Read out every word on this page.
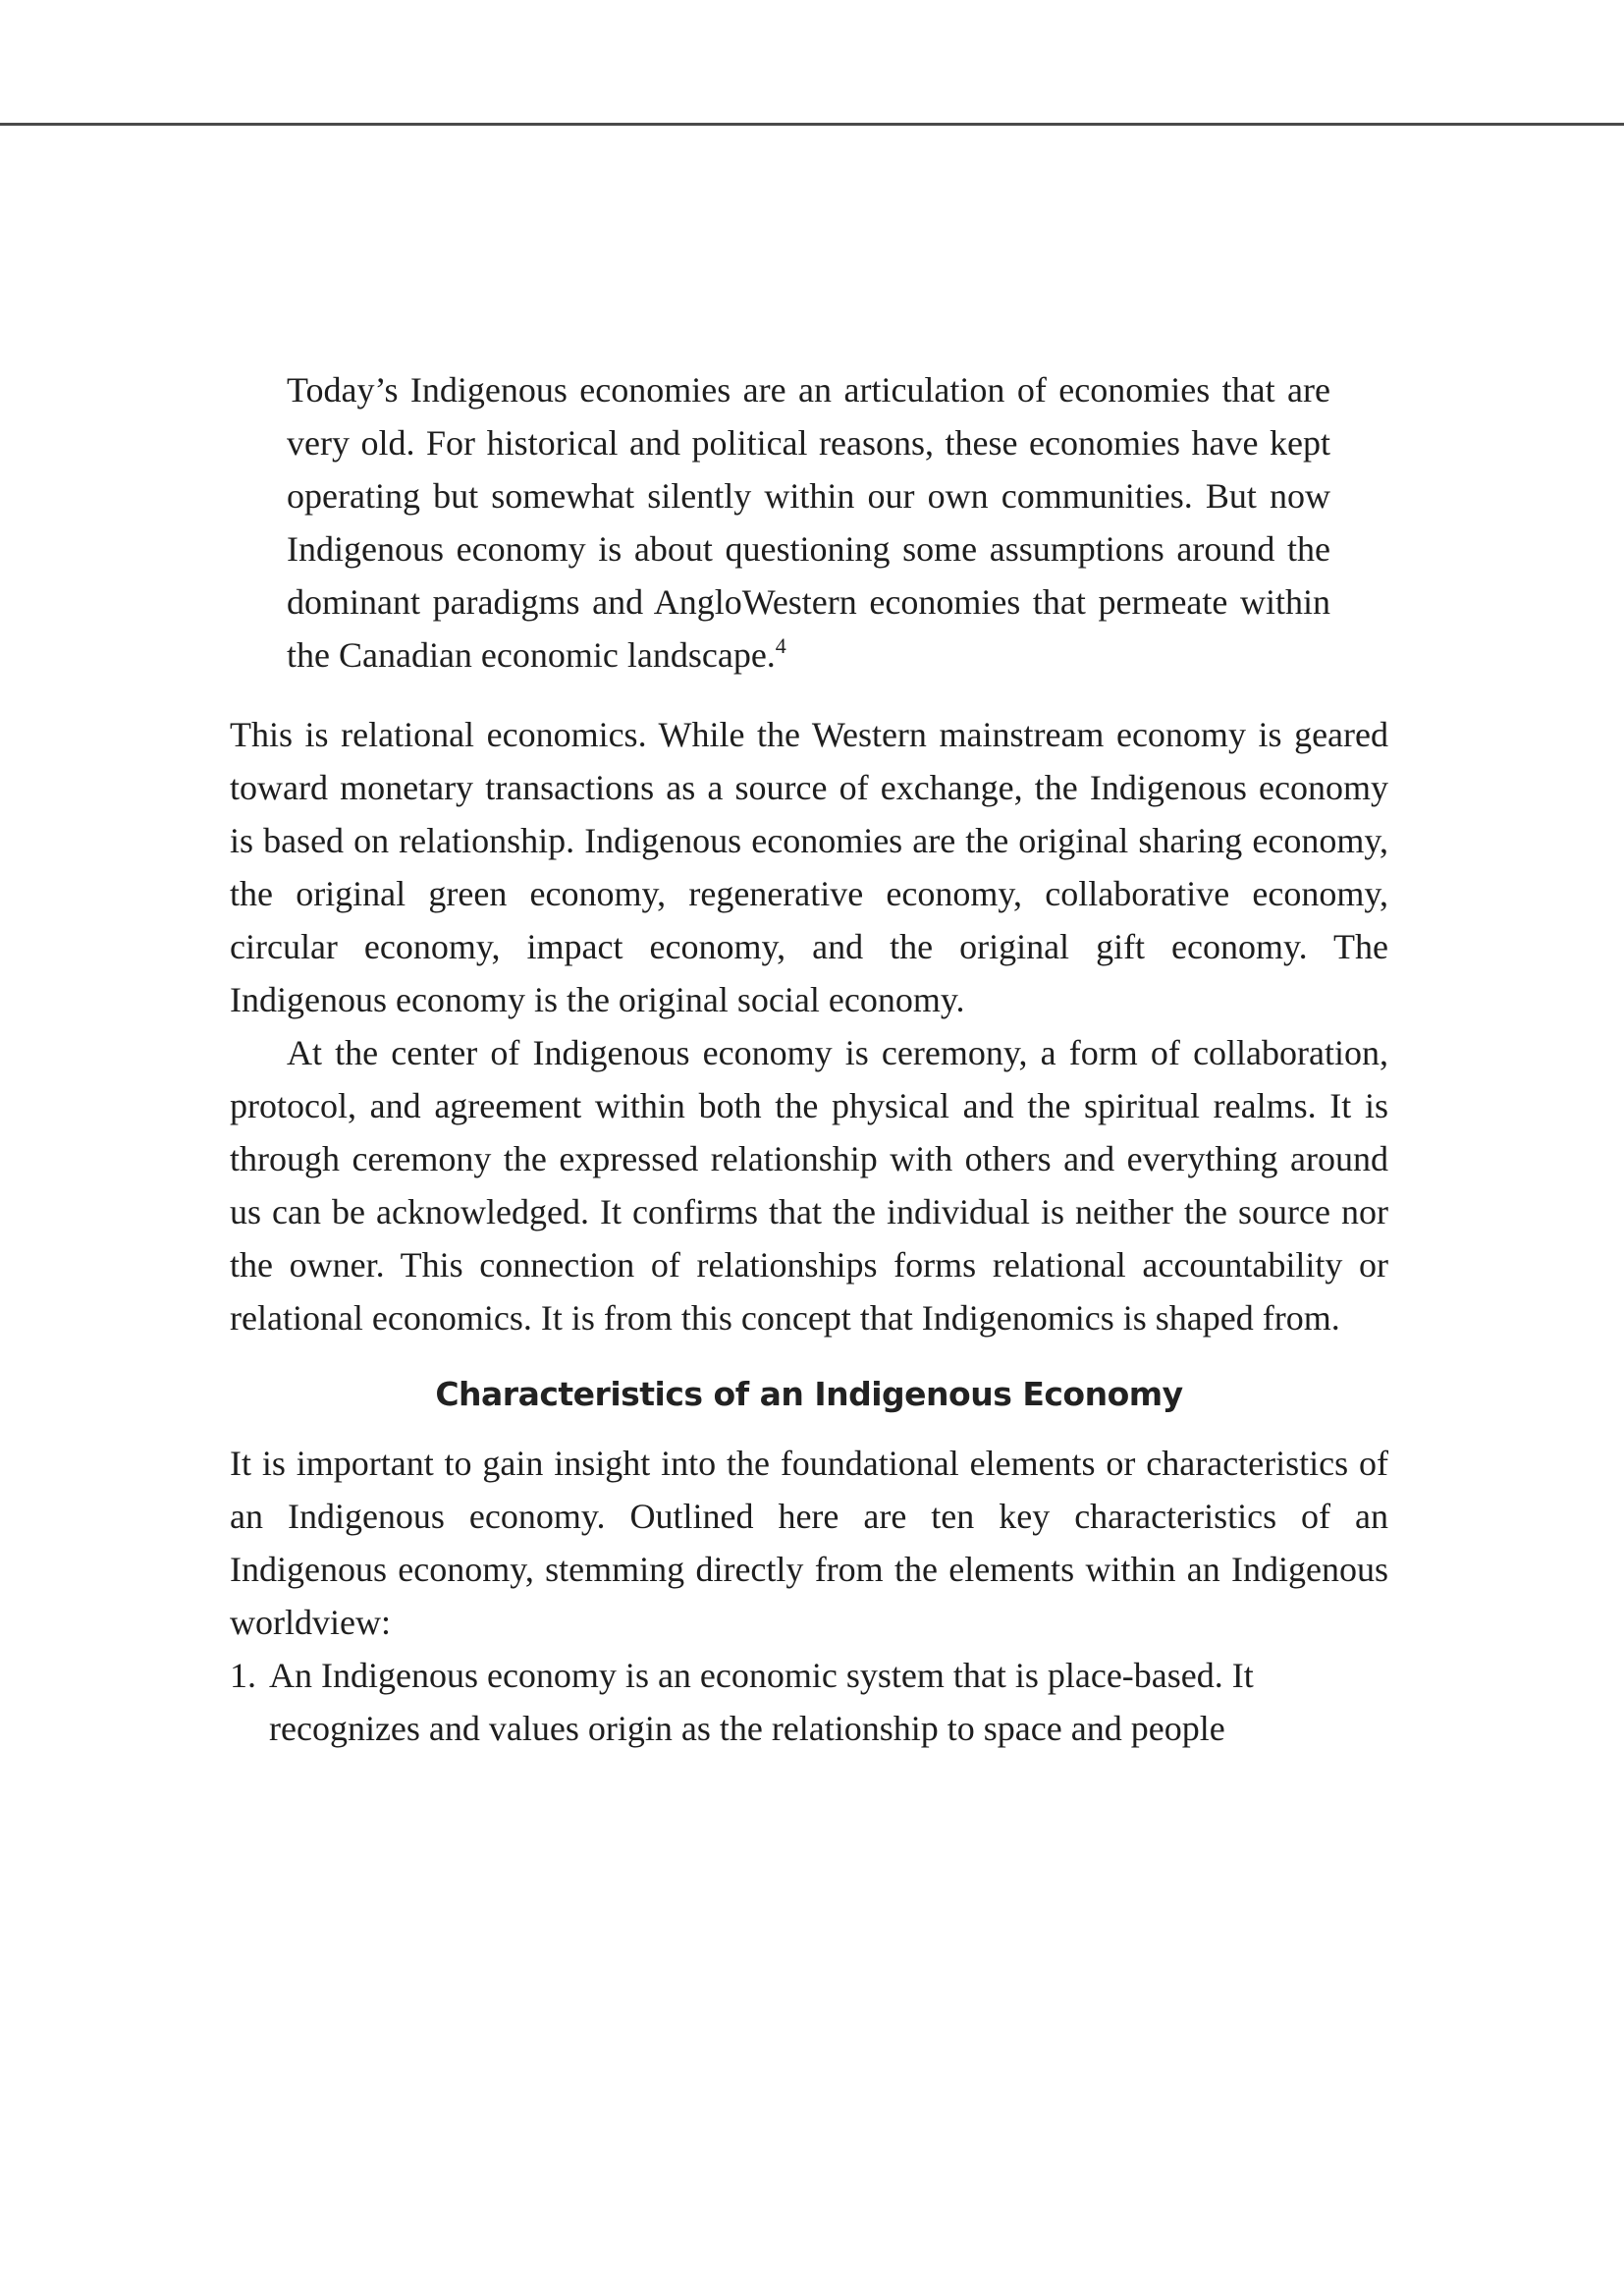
Today’s Indigenous economies are an articulation of economies that are very old. For historical and political reasons, these economies have kept operating but somewhat silently within our own communities. But now Indigenous economy is about questioning some assumptions around the dominant paradigms and AngloWestern economies that permeate within the Canadian economic landscape.$^4$

This is relational economics. While the Western mainstream economy is geared toward monetary transactions as a source of exchange, the Indigenous economy is based on relationship. Indigenous economies are the original sharing economy, the original green economy, regenerative economy, collaborative economy, circular economy, impact economy, and the original gift economy. The Indigenous economy is the original social economy.

At the center of Indigenous economy is ceremony, a form of collaboration, protocol, and agreement within both the physical and the spiritual realms. It is through ceremony the expressed relationship with others and everything around us can be acknowledged. It confirms that the individual is neither the source nor the owner. This connection of relationships forms relational accountability or relational economics. It is from this concept that Indigenomics is shaped from.

Characteristics of an Indigenous Economy

It is important to gain insight into the foundational elements or characteristics of an Indigenous economy. Outlined here are ten key characteristics of an Indigenous economy, stemming directly from the elements within an Indigenous worldview:

1. An Indigenous economy is an economic system that is place-based. It recognizes and values origin as the relationship to space and people
